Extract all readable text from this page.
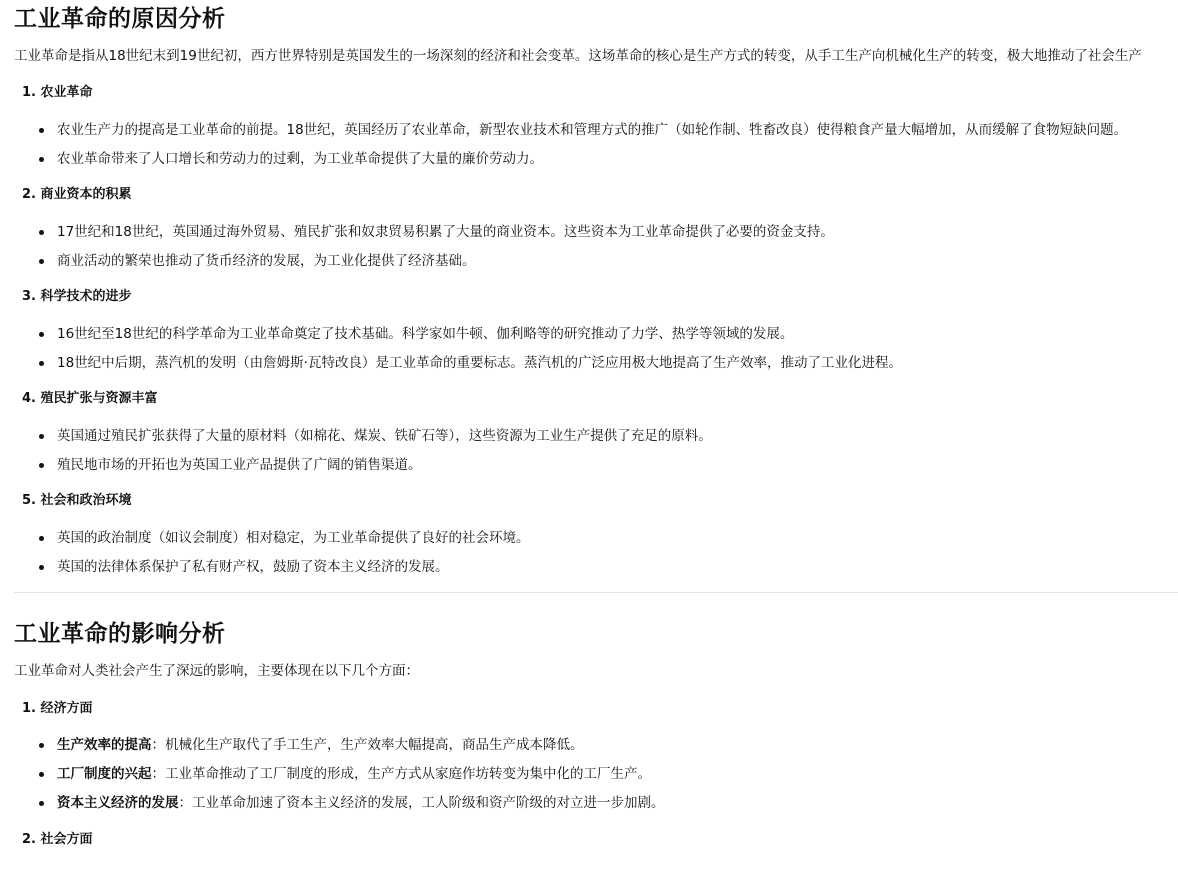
工业革命的原因分析

工业革命是指从18世纪末到19世纪初，西方世界特别是英国发生的一场深刻的经济和社会变革。这场革命的核心是生产方式的转变，从手工生产向机械化生产的转变，极大地推动了社会生产

1. 农业革命

农业生产力的提高是工业革命的前提。18世纪，英国经历了农业革命，新型农业技术和管理方式的推广（如轮作制、牲畜改良）使得粮食产量大幅增加，从而缓解了食物短缺问题。
农业革命带来了人口增长和劳动力的过剩，为工业革命提供了大量的廉价劳动力。

2. 商业资本的积累

17世纪和18世纪，英国通过海外贸易、殖民扩张和奴隶贸易积累了大量的商业资本。这些资本为工业革命提供了必要的资金支持。
商业活动的繁荣也推动了货币经济的发展，为工业化提供了经济基础。

3. 科学技术的进步

16世纪至18世纪的科学革命为工业革命奠定了技术基础。科学家如牛顿、伽利略等的研究推动了力学、热学等领域的发展。
18世纪中后期，蒸汽机的发明（由詹姆斯·瓦特改良）是工业革命的重要标志。蒸汽机的广泛应用极大地提高了生产效率，推动了工业化进程。

4. 殖民扩张与资源丰富

英国通过殖民扩张获得了大量的原材料（如棉花、煤炭、铁矿石等），这些资源为工业生产提供了充足的原料。
殖民地市场的开拓也为英国工业产品提供了广阔的销售渠道。

5. 社会和政治环境

英国的政治制度（如议会制度）相对稳定，为工业革命提供了良好的社会环境。
英国的法律体系保护了私有财产权，鼓励了资本主义经济的发展。
工业革命的影响分析

工业革命对人类社会产生了深远的影响，主要体现在以下几个方面：

1. 经济方面

生产效率的提高：机械化生产取代了手工生产，生产效率大幅提高，商品生产成本降低。
工厂制度的兴起：工业革命推动了工厂制度的形成，生产方式从家庭作坊转变为集中化的工厂生产。
资本主义经济的发展：工业革命加速了资本主义经济的发展，工人阶级和资产阶级的对立进一步加剧。

2. 社会方面
